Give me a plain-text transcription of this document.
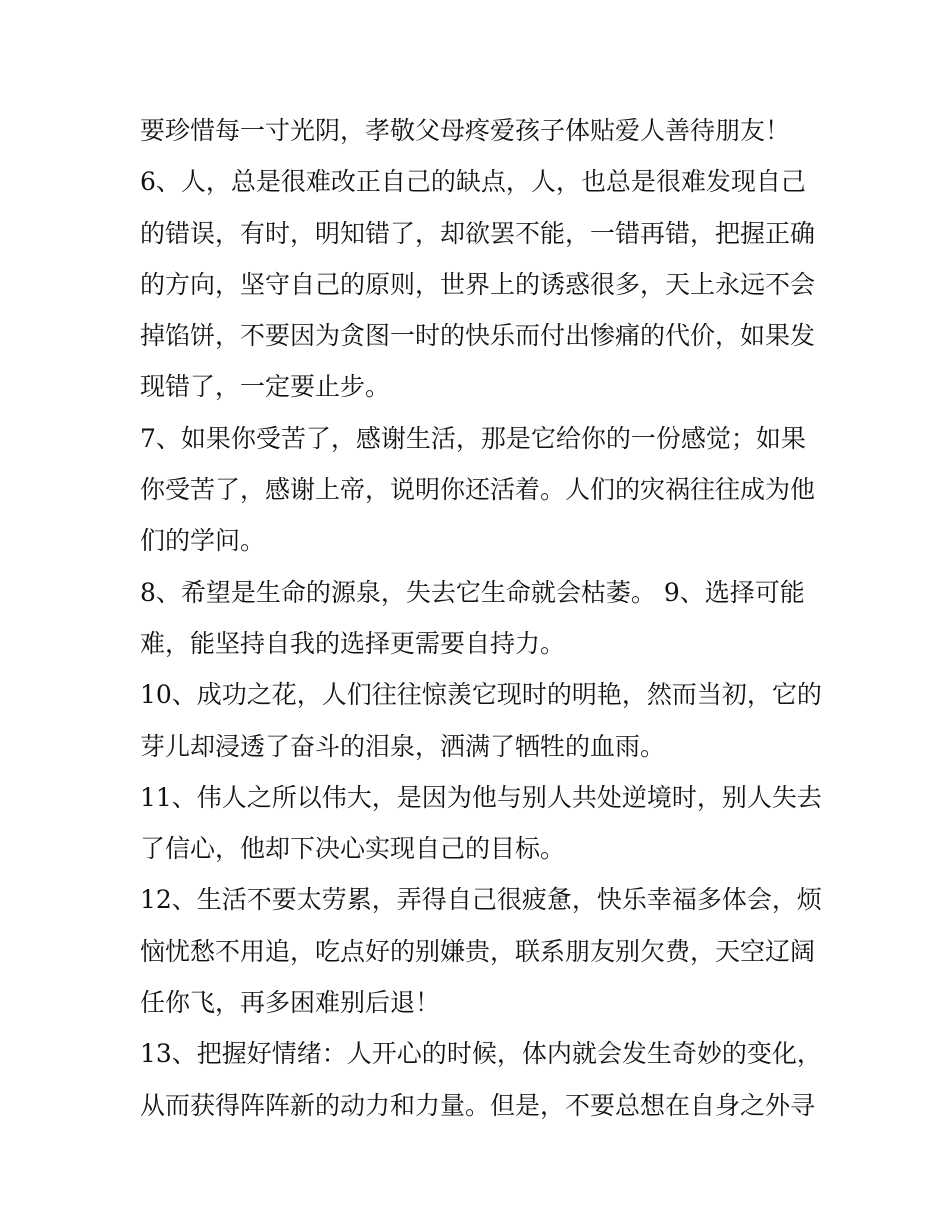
要珍惜每一寸光阴，孝敬父母疼爱孩子体贴爱人善待朋友！
6、人，总是很难改正自己的缺点，人，也总是很难发现自己
的错误，有时，明知错了，却欲罢不能，一错再错，把握正确
的方向，坚守自己的原则，世界上的诱惑很多，天上永远不会
掉馅饼，不要因为贪图一时的快乐而付出惨痛的代价，如果发
现错了，一定要止步。
7、如果你受苦了，感谢生活，那是它给你的一份感觉；如果
你受苦了，感谢上帝，说明你还活着。人们的灾祸往往成为他
们的学问。
8、希望是生命的源泉，失去它生命就会枯萎。 9、选择可能
难，能坚持自我的选择更需要自持力。
10、成功之花，人们往往惊羡它现时的明艳，然而当初，它的
芽儿却浸透了奋斗的泪泉，洒满了牺牲的血雨。
11、伟人之所以伟大，是因为他与别人共处逆境时，别人失去
了信心，他却下决心实现自己的目标。
12、生活不要太劳累，弄得自己很疲惫，快乐幸福多体会，烦
恼忧愁不用追，吃点好的别嫌贵，联系朋友别欠费，天空辽阔
任你飞，再多困难别后退！
13、把握好情绪：人开心的时候，体内就会发生奇妙的变化，
从而获得阵阵新的动力和力量。但是，不要总想在自身之外寻
